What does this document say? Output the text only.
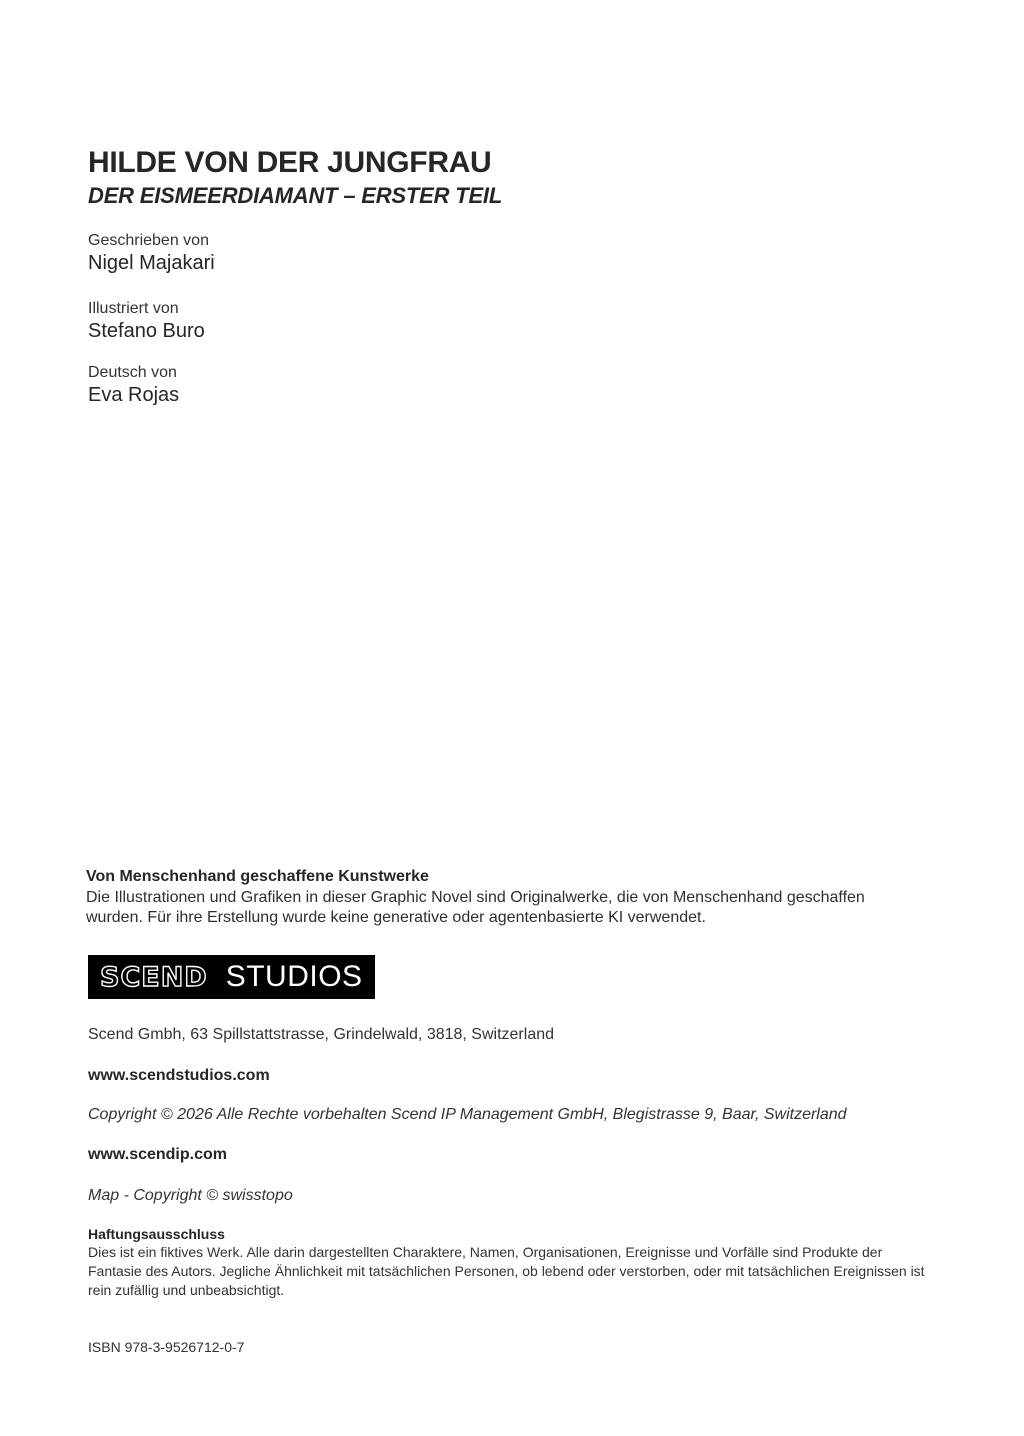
HILDE VON DER JUNGFRAU
DER EISMEERDIAMANT – ERSTER TEIL
Geschrieben von
Nigel Majakari
Illustriert von
Stefano Buro
Deutsch von
Eva Rojas
Von Menschenhand geschaffene Kunstwerke
Die Illustrationen und Grafiken in dieser Graphic Novel sind Originalwerke, die von Menschenhand geschaffen wurden. Für ihre Erstellung wurde keine generative oder agentenbasierte KI verwendet.
SCEND STUDIOS
Scend Gmbh, 63 Spillstattstrasse, Grindelwald, 3818, Switzerland
www.scendstudios.com
Copyright © 2026 Alle Rechte vorbehalten Scend IP Management GmbH, Blegistrasse 9, Baar, Switzerland
www.scendip.com
Map - Copyright © swisstopo
Haftungsausschluss
Dies ist ein fiktives Werk. Alle darin dargestellten Charaktere, Namen, Organisationen, Ereignisse und Vorfälle sind Produkte der Fantasie des Autors. Jegliche Ähnlichkeit mit tatsächlichen Personen, ob lebend oder verstorben, oder mit tatsächlichen Ereignissen ist rein zufällig und unbeabsichtigt.
ISBN 978-3-9526712-0-7
